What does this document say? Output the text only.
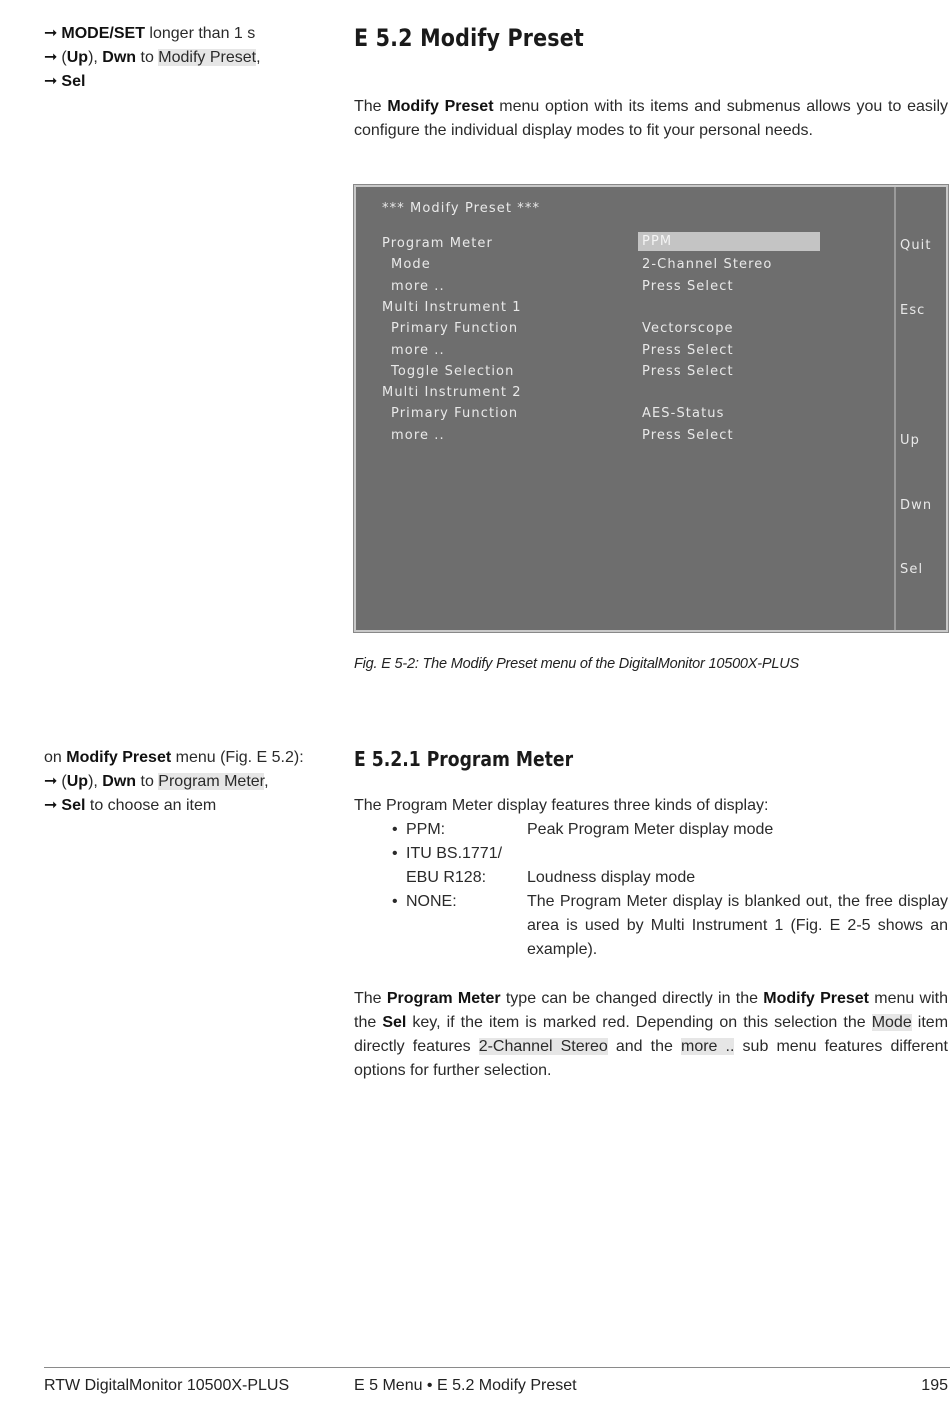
➞ MODE/SET longer than 1 s
➞ (Up), Dwn to Modify Preset,
➞ Sel
E 5.2 Modify Preset

The Modify Preset menu option with its items and submenus allows you to easily configure the individual display modes to fit your personal needs.

*** Modify Preset ***
Program Meter	PPM
Mode	2-Channel Stereo
more ..	Press Select
Multi Instrument 1
Primary Function	Vectorscope
more ..	Press Select
Toggle Selection	Press Select
Multi Instrument 2
Primary Function	AES-Status
more ..	Press Select
Quit
Esc
Up
Dwn
Sel
Fig. E 5-2: The Modify Preset menu of the DigitalMonitor 10500X-PLUS
on Modify Preset menu (Fig. E 5.2):
➞ (Up), Dwn to Program Meter,
➞ Sel to choose an item
E 5.2.1 Program Meter
The Program Meter display features three kinds of display:
• PPM:	Peak Program Meter display mode
• ITU BS.1771/
EBU R128:	Loudness display mode
• NONE:	The Program Meter display is blanked out, the free display area is used by Multi Instrument 1 (Fig. E 2-5 shows an example).

The Program Meter type can be changed directly in the Modify Preset menu with the Sel key, if the item is marked red. Depending on this selection the Mode item directly features 2-Channel Stereo and the more .. sub menu features different options for further selection.

RTW DigitalMonitor 10500X-PLUS	E 5 Menu • E 5.2 Modify Preset	195
